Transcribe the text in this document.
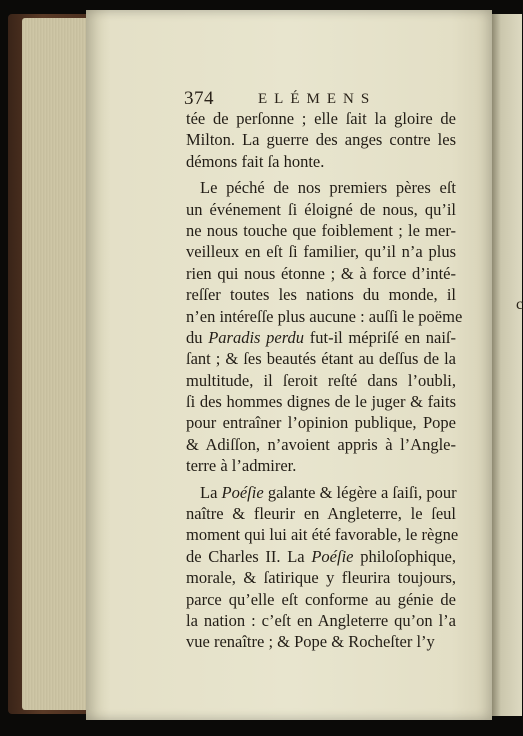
c
374	ELÉMENS
tée de perſonne ; elle ſait la gloire de
Milton. La guerre des anges contre les
démons fait ſa honte.
Le péché de nos premiers pères eſt
un événement ſi éloigné de nous, qu’il
ne nous touche que foiblement ; le mer-
veilleux en eſt ſi familier, qu’il n’a plus
rien qui nous étonne ; & à force d’inté-
reſſer toutes les nations du monde, il
n’en intéreſſe plus aucune : auſſi le poëme
du Paradis perdu fut-il mépriſé en naiſ-
ſant ; & ſes beautés étant au deſſus de la
multitude, il ſeroit reſté dans l’oubli,
ſi des hommes dignes de le juger & faits
pour entraîner l’opinion publique, Pope
& Adiſſon, n’avoient appris à l’Angle-
terre à l’admirer.
La Poéſie galante & légère a ſaiſi, pour
naître & fleurir en Angleterre, le ſeul
moment qui lui ait été favorable, le règne
de Charles II. La Poéſie philoſophique,
morale, & ſatirique y fleurira toujours,
parce qu’elle eſt conforme au génie de
la nation : c’eſt en Angleterre qu’on l’a
vue renaître ; & Pope & Rocheſter l’y
